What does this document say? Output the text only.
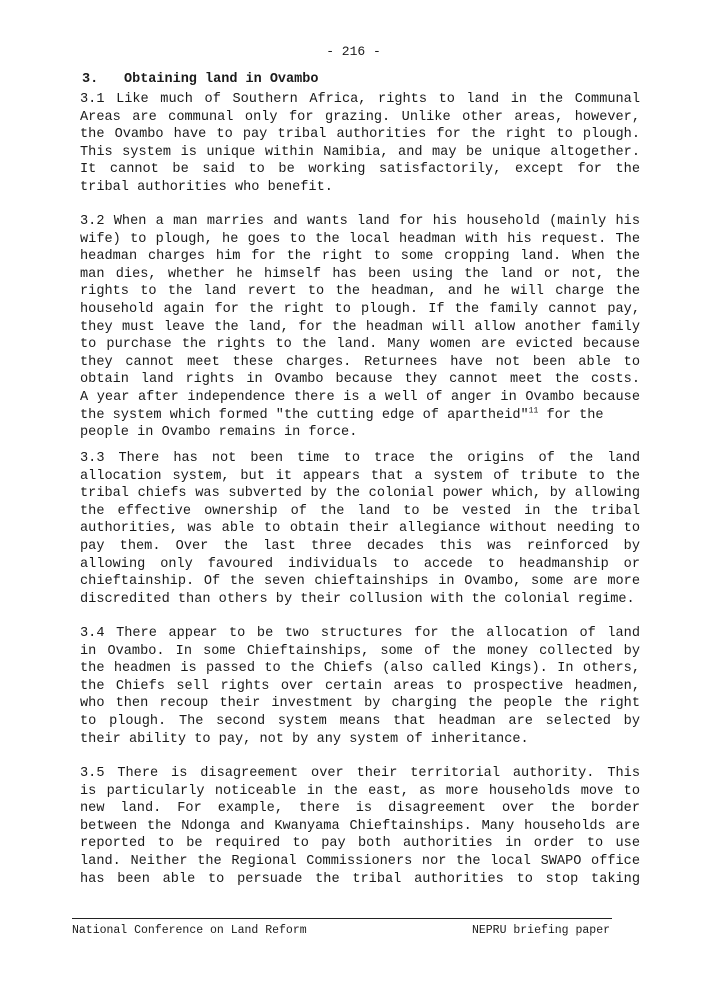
- 216 -
3. Obtaining land in Ovambo
3.1 Like much of Southern Africa, rights to land in the Communal
Areas are communal only for grazing. Unlike other areas, however,
the Ovambo have to pay tribal authorities for the right to plough.
This system is unique within Namibia, and may be unique altogether.
It cannot be said to be working satisfactorily, except for the
tribal authorities who benefit.
3.2 When a man marries and wants land for his household (mainly his
wife) to plough, he goes to the local headman with his request. The
headman charges him for the right to some cropping land. When the
man dies, whether he himself has been using the land or not, the
rights to the land revert to the headman, and he will charge the
household again for the right to plough. If the family cannot pay,
they must leave the land, for the headman will allow another family
to purchase the rights to the land. Many women are evicted because
they cannot meet these charges. Returnees have not been able to
obtain land rights in Ovambo because they cannot meet the costs.
A year after independence there is a well of anger in Ovambo because
the system which formed "the cutting edge of apartheid"$^{11}$ for the
people in Ovambo remains in force.
3.3 There has not been time to trace the origins of the land
allocation system, but it appears that a system of tribute to the
tribal chiefs was subverted by the colonial power which, by allowing
the effective ownership of the land to be vested in the tribal
authorities, was able to obtain their allegiance without needing to
pay them. Over the last three decades this was reinforced by
allowing only favoured individuals to accede to headmanship or
chieftainship. Of the seven chieftainships in Ovambo, some are more
discredited than others by their collusion with the colonial regime.
3.4 There appear to be two structures for the allocation of land
in Ovambo. In some Chieftainships, some of the money collected by
the headmen is passed to the Chiefs (also called Kings). In others,
the Chiefs sell rights over certain areas to prospective headmen,
who then recoup their investment by charging the people the right
to plough. The second system means that headman are selected by
their ability to pay, not by any system of inheritance.
3.5 There is disagreement over their territorial authority. This
is particularly noticeable in the east, as more households move to
new land. For example, there is disagreement over the border
between the Ndonga and Kwanyama Chieftainships. Many households are
reported to be required to pay both authorities in order to use
land. Neither the Regional Commissioners nor the local SWAPO office
has been able to persuade the tribal authorities to stop taking
National Conference on Land Reform	NEPRU briefing paper
